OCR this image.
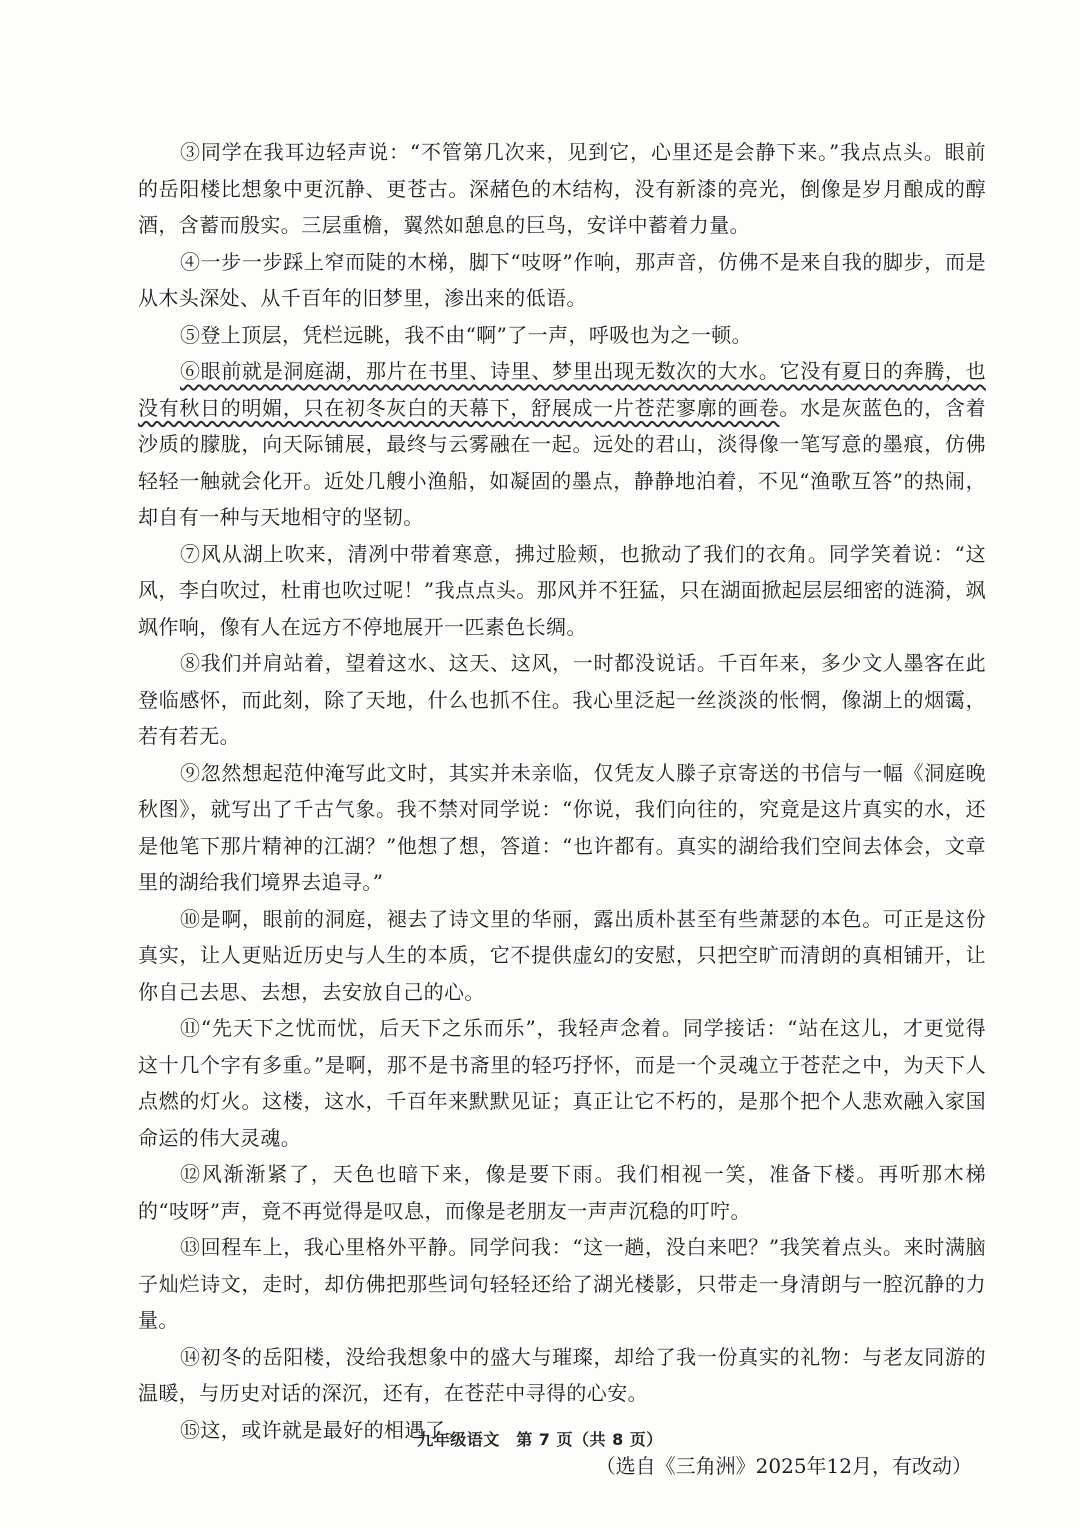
③同学在我耳边轻声说：“不管第几次来，见到它，心里还是会静下来。”我点点头。眼前的岳阳楼比想象中更沉静、更苍古。深赭色的木结构，没有新漆的亮光，倒像是岁月酿成的醇酒，含蓄而殷实。三层重檐，翼然如憩息的巨鸟，安详中蓄着力量。

④一步一步踩上窄而陡的木梯，脚下“吱呀”作响，那声音，仿佛不是来自我的脚步，而是从木头深处、从千百年的旧梦里，渗出来的低语。

⑤登上顶层，凭栏远眺，我不由“啊”了一声，呼吸也为之一顿。

⑥眼前就是洞庭湖，那片在书里、诗里、梦里出现无数次的大水。它没有夏日的奔腾，也没有秋日的明媚，只在初冬灰白的天幕下，舒展成一片苍茫寥廓的画卷。水是灰蓝色的，含着沙质的朦胧，向天际铺展，最终与云雾融在一起。远处的君山，淡得像一笔写意的墨痕，仿佛轻轻一触就会化开。近处几艘小渔船，如凝固的墨点，静静地泊着，不见“渔歌互答”的热闹，却自有一种与天地相守的坚韧。

⑦风从湖上吹来，清冽中带着寒意，拂过脸颊，也掀动了我们的衣角。同学笑着说：“这风，李白吹过，杜甫也吹过呢！”我点点头。那风并不狂猛，只在湖面掀起层层细密的涟漪，飒飒作响，像有人在远方不停地展开一匹素色长绸。

⑧我们并肩站着，望着这水、这天、这风，一时都没说话。千百年来，多少文人墨客在此登临感怀，而此刻，除了天地，什么也抓不住。我心里泛起一丝淡淡的怅惘，像湖上的烟霭，若有若无。

⑨忽然想起范仲淹写此文时，其实并未亲临，仅凭友人滕子京寄送的书信与一幅《洞庭晚秋图》，就写出了千古气象。我不禁对同学说：“你说，我们向往的，究竟是这片真实的水，还是他笔下那片精神的江湖？”他想了想，答道：“也许都有。真实的湖给我们空间去体会，文章里的湖给我们境界去追寻。”

⑩是啊，眼前的洞庭，褪去了诗文里的华丽，露出质朴甚至有些萧瑟的本色。可正是这份真实，让人更贴近历史与人生的本质，它不提供虚幻的安慰，只把空旷而清朗的真相铺开，让你自己去思、去想，去安放自己的心。

⑪“先天下之忧而忧，后天下之乐而乐”，我轻声念着。同学接话：“站在这儿，才更觉得这十几个字有多重。”是啊，那不是书斋里的轻巧抒怀，而是一个灵魂立于苍茫之中，为天下人点燃的灯火。这楼，这水，千百年来默默见证；真正让它不朽的，是那个把个人悲欢融入家国命运的伟大灵魂。

⑫风渐渐紧了，天色也暗下来，像是要下雨。我们相视一笑，准备下楼。再听那木梯的“吱呀”声，竟不再觉得是叹息，而像是老朋友一声声沉稳的叮咛。

⑬回程车上，我心里格外平静。同学问我：“这一趟，没白来吧？”我笑着点头。来时满脑子灿烂诗文，走时，却仿佛把那些词句轻轻还给了湖光楼影，只带走一身清朗与一腔沉静的力量。

⑭初冬的岳阳楼，没给我想象中的盛大与璀璨，却给了我一份真实的礼物：与老友同游的温暖，与历史对话的深沉，还有，在苍茫中寻得的心安。

⑮这，或许就是最好的相遇了。

（选自《三角洲》2025年12月，有改动）

九年级语文　第 7 页（共 8 页）
